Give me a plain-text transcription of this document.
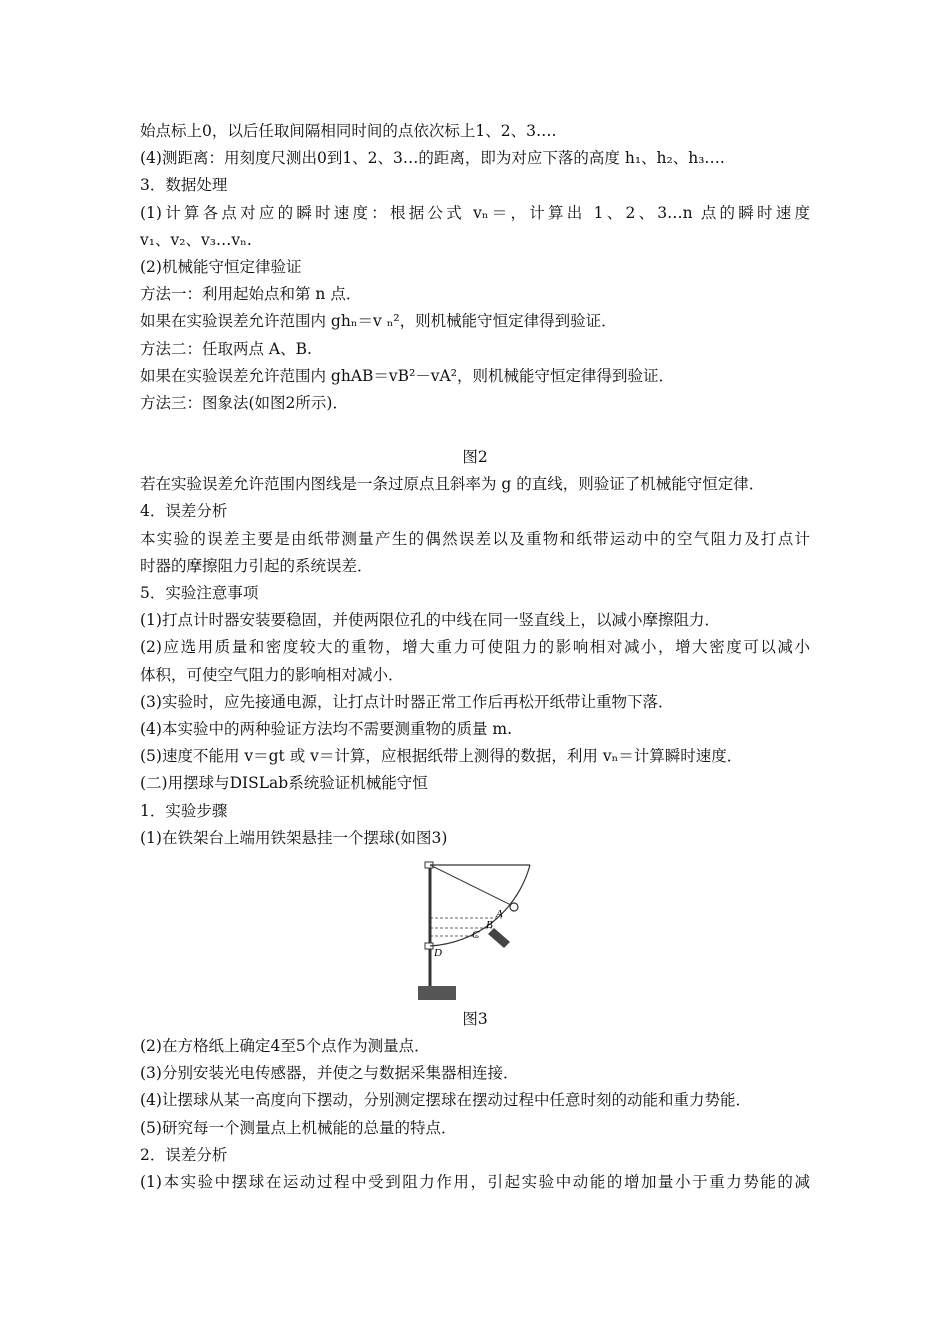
始点标上0，以后任取间隔相同时间的点依次标上1、2、3….
(4)测距离：用刻度尺测出0到1、2、3…的距离，即为对应下落的高度 h₁、h₂、h₃….
3．数据处理
(1)计算各点对应的瞬时速度：根据公式 vₙ＝，计算出 1、2、3…n 点的瞬时速度
v₁、v₂、v₃…vₙ.
(2)机械能守恒定律验证
方法一：利用起始点和第 n 点．
如果在实验误差允许范围内 ghₙ＝v ₙ²，则机械能守恒定律得到验证．
方法二：任取两点 A、B.
如果在实验误差允许范围内 ghAB＝vB²－vA²，则机械能守恒定律得到验证．
方法三：图象法(如图2所示)．
图2
若在实验误差允许范围内图线是一条过原点且斜率为 g 的直线，则验证了机械能守恒定律．
4．误差分析
本实验的误差主要是由纸带测量产生的偶然误差以及重物和纸带运动中的空气阻力及打点计
时器的摩擦阻力引起的系统误差．
5．实验注意事项
(1)打点计时器安装要稳固，并使两限位孔的中线在同一竖直线上，以减小摩擦阻力．
(2)应选用质量和密度较大的重物，增大重力可使阻力的影响相对减小，增大密度可以减小
体积，可使空气阻力的影响相对减小．
(3)实验时，应先接通电源，让打点计时器正常工作后再松开纸带让重物下落．
(4)本实验中的两种验证方法均不需要测重物的质量 m.
(5)速度不能用 v＝gt 或 v＝计算，应根据纸带上测得的数据，利用 vₙ＝计算瞬时速度．
(二)用摆球与DISLab系统验证机械能守恒
1．实验步骤
(1)在铁架台上端用铁架悬挂一个摆球(如图3)
A
B
C
D
图3
(2)在方格纸上确定4至5个点作为测量点．
(3)分别安装光电传感器，并使之与数据采集器相连接．
(4)让摆球从某一高度向下摆动，分别测定摆球在摆动过程中任意时刻的动能和重力势能．
(5)研究每一个测量点上机械能的总量的特点．
2．误差分析
(1)本实验中摆球在运动过程中受到阻力作用，引起实验中动能的增加量小于重力势能的减
